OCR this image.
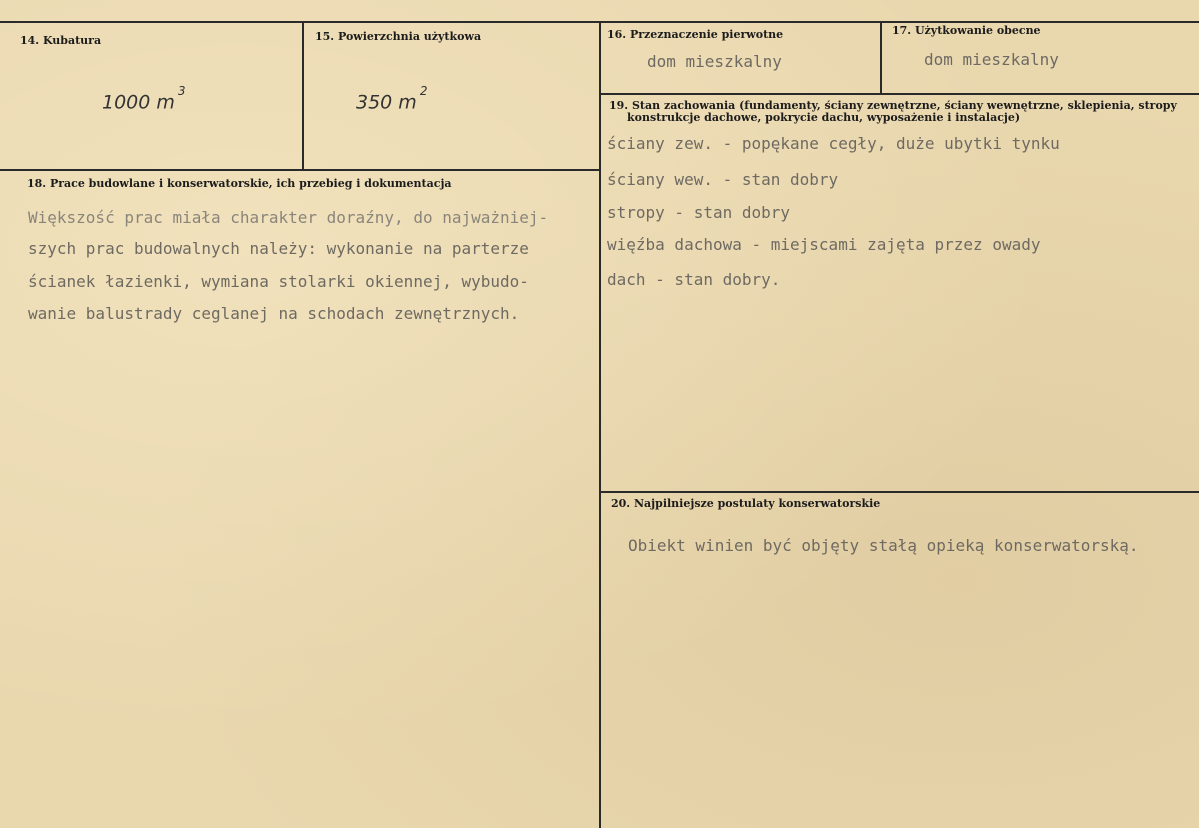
14. Kubatura
1000 $m^3$
15. Powierzchnia użytkowa
350 $m^2$
16. Przeznaczenie pierwotne
dom mieszkalny
17. Użytkowanie obecne
dom mieszkalny
18. Prace budowlane i konserwatorskie, ich przebieg i dokumentacja
Większość prac miała charakter doraźny, do najważniej-
szych prac budowalnych należy: wykonanie na parterze
ścianek łazienki, wymiana stolarki okiennej, wybudo-
wanie balustrady ceglanej na schodach zewnętrznych.
19. Stan zachowania (fundamenty, ściany zewnętrzne, ściany wewnętrzne, sklepienia, stropy
konstrukcje dachowe, pokrycie dachu, wyposażenie i instalacje)
ściany zew. - popękane cegły, duże ubytki tynku
ściany wew. - stan dobry
stropy - stan dobry
więźba dachowa - miejscami zajęta przez owady
dach - stan dobry.
20. Najpilniejsze postulaty konserwatorskie
Obiekt winien być objęty stałą opieką konserwatorską.
